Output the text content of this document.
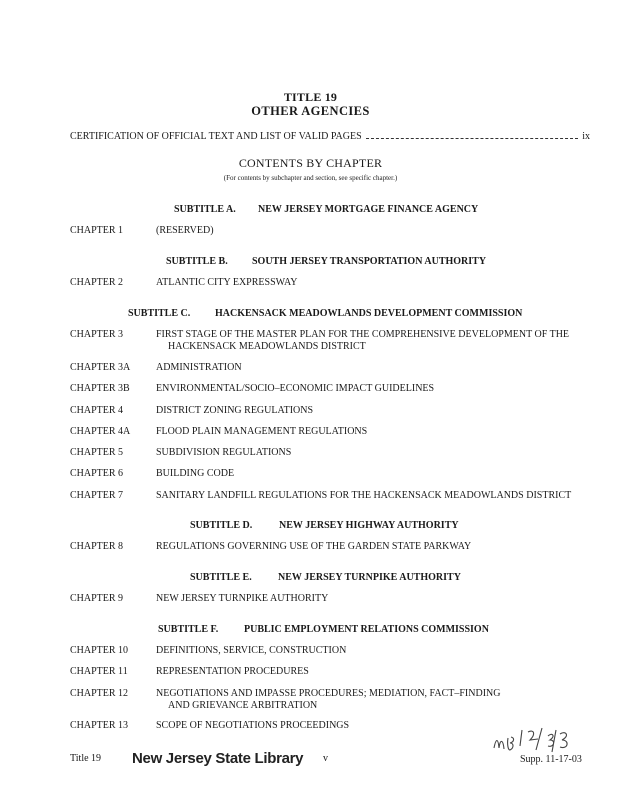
TITLE 19
OTHER AGENCIES
CERTIFICATION OF OFFICIAL TEXT AND LIST OF VALID PAGES	ix
CONTENTS BY CHAPTER
(For contents by subchapter and section, see specific chapter.)
SUBTITLE A. NEW JERSEY MORTGAGE FINANCE AGENCY
CHAPTER 1	(RESERVED)
SUBTITLE B. SOUTH JERSEY TRANSPORTATION AUTHORITY
CHAPTER 2	ATLANTIC CITY EXPRESSWAY
SUBTITLE C. HACKENSACK MEADOWLANDS DEVELOPMENT COMMISSION
CHAPTER 3	FIRST STAGE OF THE MASTER PLAN FOR THE COMPREHENSIVE DEVELOPMENT OF THE
HACKENSACK MEADOWLANDS DISTRICT
CHAPTER 3A	ADMINISTRATION
CHAPTER 3B	ENVIRONMENTAL/SOCIO–ECONOMIC IMPACT GUIDELINES
CHAPTER 4	DISTRICT ZONING REGULATIONS
CHAPTER 4A	FLOOD PLAIN MANAGEMENT REGULATIONS
CHAPTER 5	SUBDIVISION REGULATIONS
CHAPTER 6	BUILDING CODE
CHAPTER 7	SANITARY LANDFILL REGULATIONS FOR THE HACKENSACK MEADOWLANDS DISTRICT
SUBTITLE D.	NEW JERSEY HIGHWAY AUTHORITY
CHAPTER 8	REGULATIONS GOVERNING USE OF THE GARDEN STATE PARKWAY
SUBTITLE E.	NEW JERSEY TURNPIKE AUTHORITY
CHAPTER 9	NEW JERSEY TURNPIKE AUTHORITY
SUBTITLE F.	PUBLIC EMPLOYMENT RELATIONS COMMISSION
CHAPTER 10	DEFINITIONS, SERVICE, CONSTRUCTION
CHAPTER 11	REPRESENTATION PROCEDURES
CHAPTER 12	NEGOTIATIONS AND IMPASSE PROCEDURES; MEDIATION, FACT–FINDING
AND GRIEVANCE ARBITRATION
CHAPTER 13	SCOPE OF NEGOTIATIONS PROCEEDINGS
Title 19 New Jersey State Library v	Supp. 11-17-03
